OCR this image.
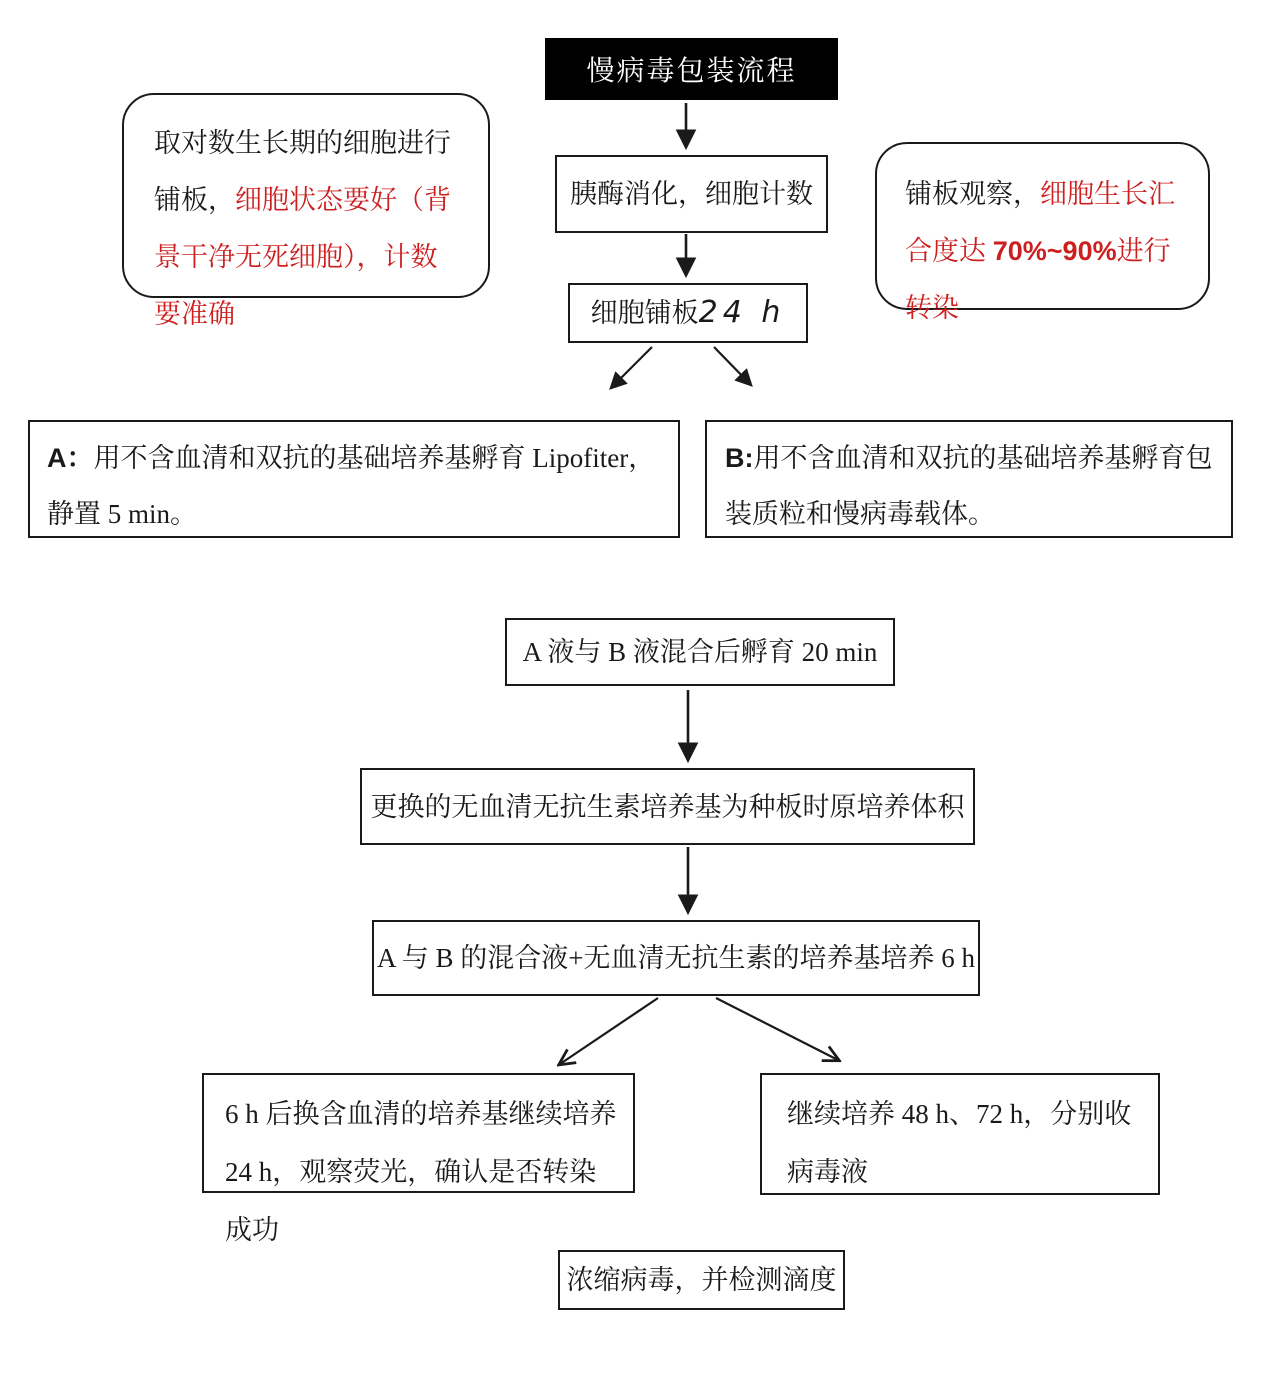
慢病毒包装流程
取对数生长期的细胞进行铺板，细胞状态要好（背景干净无死细胞），计数要准确
铺板观察，细胞生长汇合度达 70%~90%进行转染
胰酶消化，细胞计数
细胞铺板 24 h
A：用不含血清和双抗的基础培养基孵育 Lipofiter，静置 5 min。
B:用不含血清和双抗的基础培养基孵育包装质粒和慢病毒载体。
A 液与 B 液混合后孵育 20 min
更换的无血清无抗生素培养基为种板时原培养体积
A 与 B 的混合液+无血清无抗生素的培养基培养 6 h
6 h 后换含血清的培养基继续培养 24 h，观察荧光，确认是否转染成功
继续培养 48 h、72 h，分别收病毒液
浓缩病毒，并检测滴度
